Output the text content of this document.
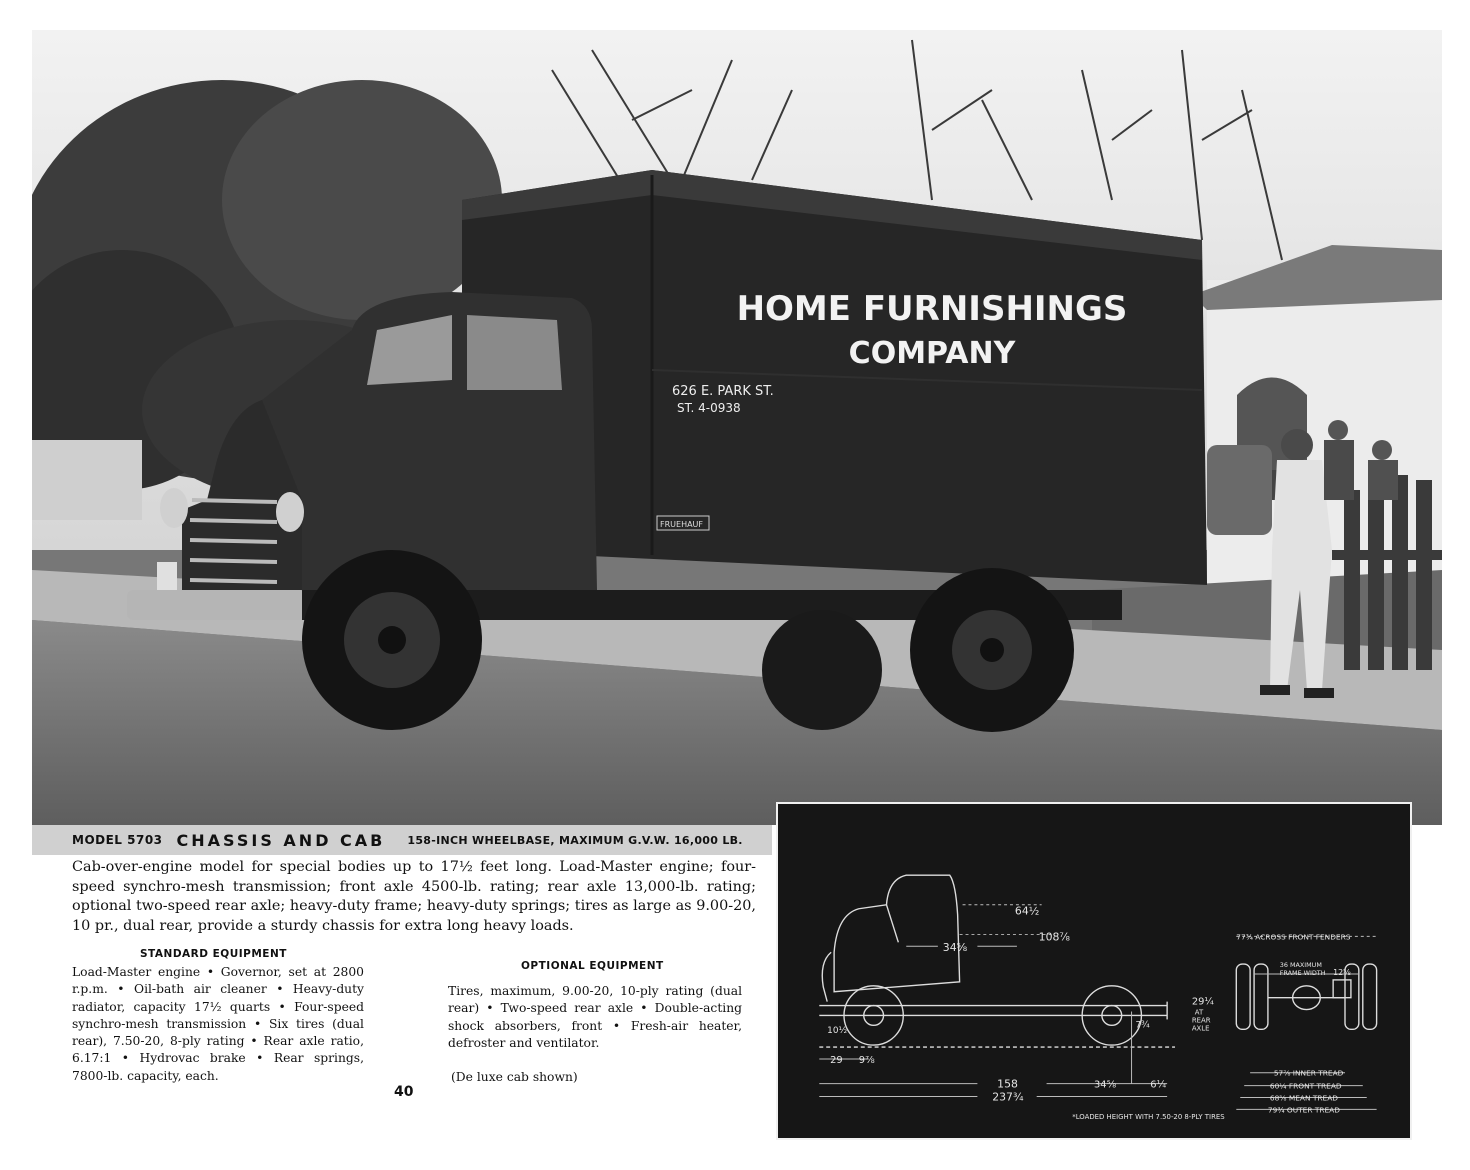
HOME FURNISHINGS
COMPANY
626 E. PARK ST.
ST. 4-0938
FRUEHAUF
MODEL 5703 CHASSIS AND CAB 158-INCH WHEELBASE, MAXIMUM G.V.W. 16,000 LB.

Cab-over-engine model for special bodies up to 17½ feet long. Load-Master engine; four-speed synchro-mesh transmission; front axle 4500-lb. rating; rear axle 13,000-lb. rating; optional two-speed rear axle; heavy-duty frame; heavy-duty springs; tires as large as 9.00-20, 10 pr., dual rear, provide a sturdy chassis for extra long heavy loads.

STANDARD EQUIPMENT

Load-Master engine • Governor, set at 2800 r.p.m. • Oil-bath air cleaner • Heavy-duty radiator, capacity 17½ quarts • Four-speed synchro-mesh transmission • Six tires (dual rear), 7.50-20, 8-ply rating • Rear axle ratio, 6.17:1 • Hydrovac brake • Rear springs, 7800-lb. capacity, each.

OPTIONAL EQUIPMENT

Tires, maximum, 9.00-20, 10-ply rating (dual rear) • Two-speed rear axle • Double-acting shock absorbers, front • Fresh-air heater, defroster and ventilator.

(De luxe cab shown)

40

64½
108⅞
34⅝
29 9⅞
158
237¾
34⅝	6¼
29¼
AT
REAR
AXLE
7¾
10½
77¾ ACROSS FRONT FENDERS
36 MAXIMUM
FRAME WIDTH 12⅝
57⅞ INNER TREAD
60¼ FRONT TREAD
68⅝ MEAN TREAD
79¾ OUTER TREAD
*LOADED HEIGHT WITH 7.50-20 8-PLY TIRES
